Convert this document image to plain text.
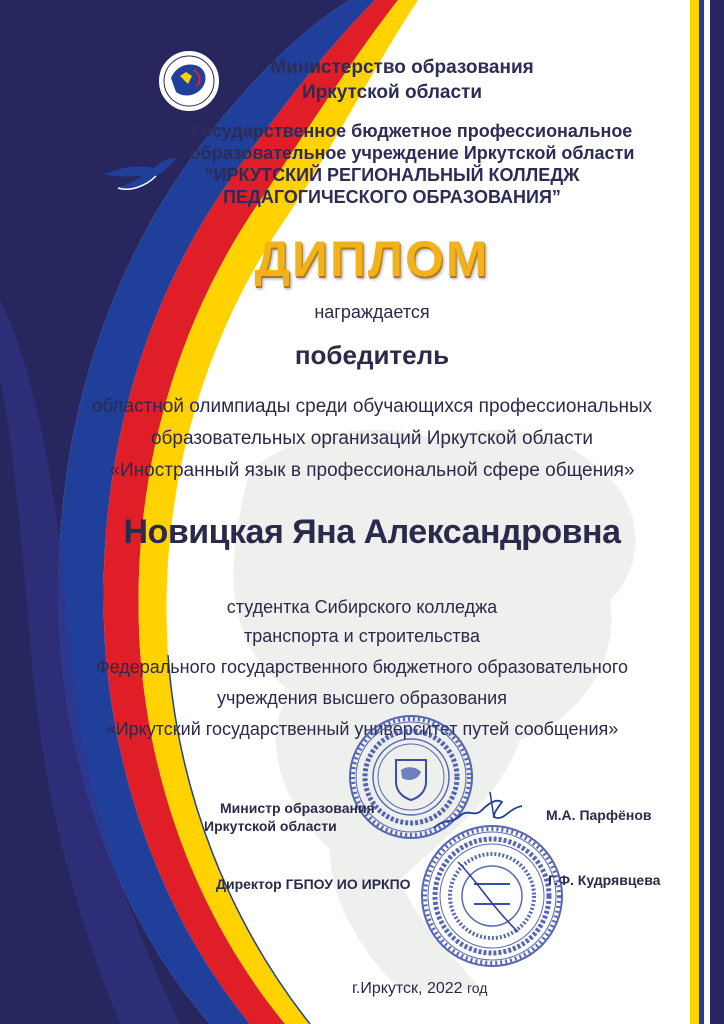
Министерство образования
Иркутской области
Государственное бюджетное профессиональное
образовательное учреждение Иркутской области
“ИРКУТСКИЙ РЕГИОНАЛЬНЫЙ КОЛЛЕДЖ
ПЕДАГОГИЧЕСКОГО ОБРАЗОВАНИЯ”
ДИПЛОМ
награждается
победитель
областной олимпиады среди обучающихся профессиональных
образовательных организаций Иркутской области
«Иностранный язык в профессиональной сфере общения»
Новицкая Яна Александровна
студентка Сибирского колледжа
транспорта и строительства
Федерального государственного бюджетного образовательного
учреждения высшего образования
«Иркутский государственный университет путей сообщения»
Министр образования
Иркутской области
М.А. Парфёнов
Директор ГБПОУ ИО ИРКПО	Г.Ф. Кудрявцева
г.Иркутск, 2022 год
